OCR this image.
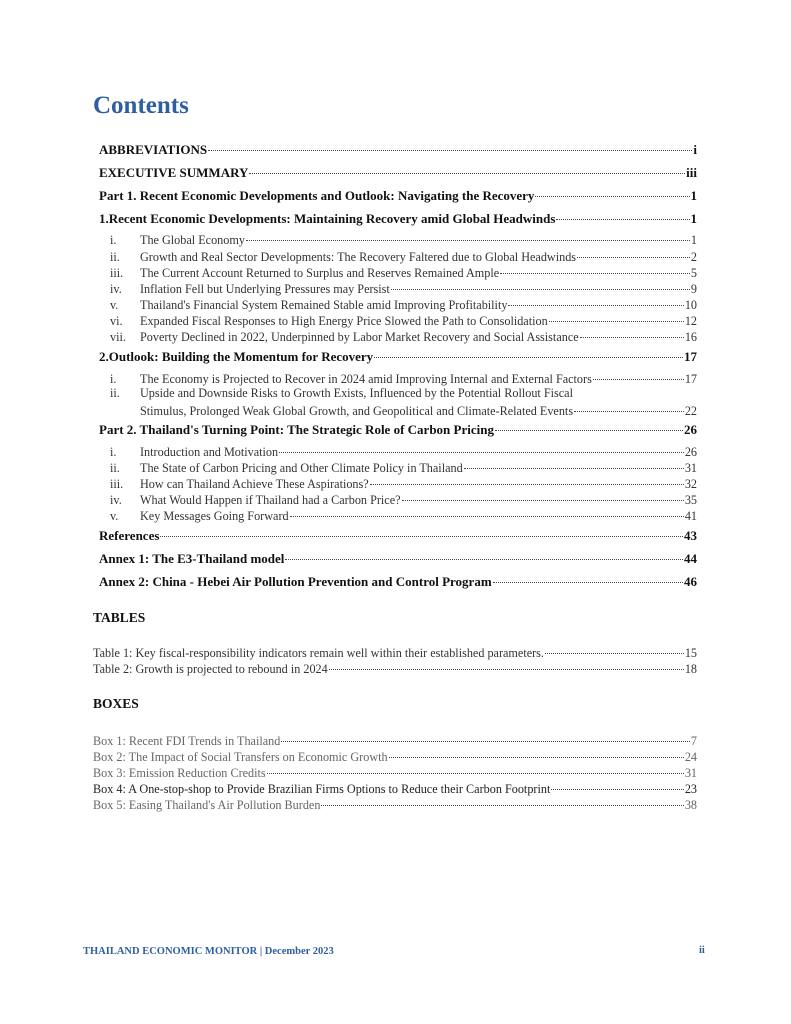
Contents
ABBREVIATIONS	i
EXECUTIVE SUMMARY	iii
Part 1. Recent Economic Developments and Outlook: Navigating the Recovery	1
1.Recent Economic Developments: Maintaining Recovery amid Global Headwinds	1
i.	The Global Economy	1
ii.	Growth and Real Sector Developments: The Recovery Faltered due to Global Headwinds	2
iii.	The Current Account Returned to Surplus and Reserves Remained Ample	5
iv.	Inflation Fell but Underlying Pressures may Persist	9
v.	Thailand's Financial System Remained Stable amid Improving Profitability	10
vi.	Expanded Fiscal Responses to High Energy Price Slowed the Path to Consolidation	12
vii.	Poverty Declined in 2022, Underpinned by Labor Market Recovery and Social Assistance	16
2.Outlook: Building the Momentum for Recovery	17
i.	The Economy is Projected to Recover in 2024 amid Improving Internal and External Factors	17
ii.	Upside and Downside Risks to Growth Exists, Influenced by the Potential Rollout Fiscal
Stimulus, Prolonged Weak Global Growth, and Geopolitical and Climate-Related Events	22
Part 2. Thailand's Turning Point: The Strategic Role of Carbon Pricing	26
i.	Introduction and Motivation	26
ii.	The State of Carbon Pricing and Other Climate Policy in Thailand	31
iii.	How can Thailand Achieve These Aspirations?	32
iv.	What Would Happen if Thailand had a Carbon Price?	35
v.	Key Messages Going Forward	41
References	43
Annex 1: The E3-Thailand model	44
Annex 2: China - Hebei Air Pollution Prevention and Control Program	46
TABLES
Table 1: Key fiscal-responsibility indicators remain well within their established parameters.	15
Table 2: Growth is projected to rebound in 2024	18
BOXES
Box 1: Recent FDI Trends in Thailand	7
Box 2: The Impact of Social Transfers on Economic Growth	24
Box 3: Emission Reduction Credits	31
Box 4: A One-stop-shop to Provide Brazilian Firms Options to Reduce their Carbon Footprint	23
Box 5: Easing Thailand's Air Pollution Burden	38
THAILAND ECONOMIC MONITOR | December 2023	ii
